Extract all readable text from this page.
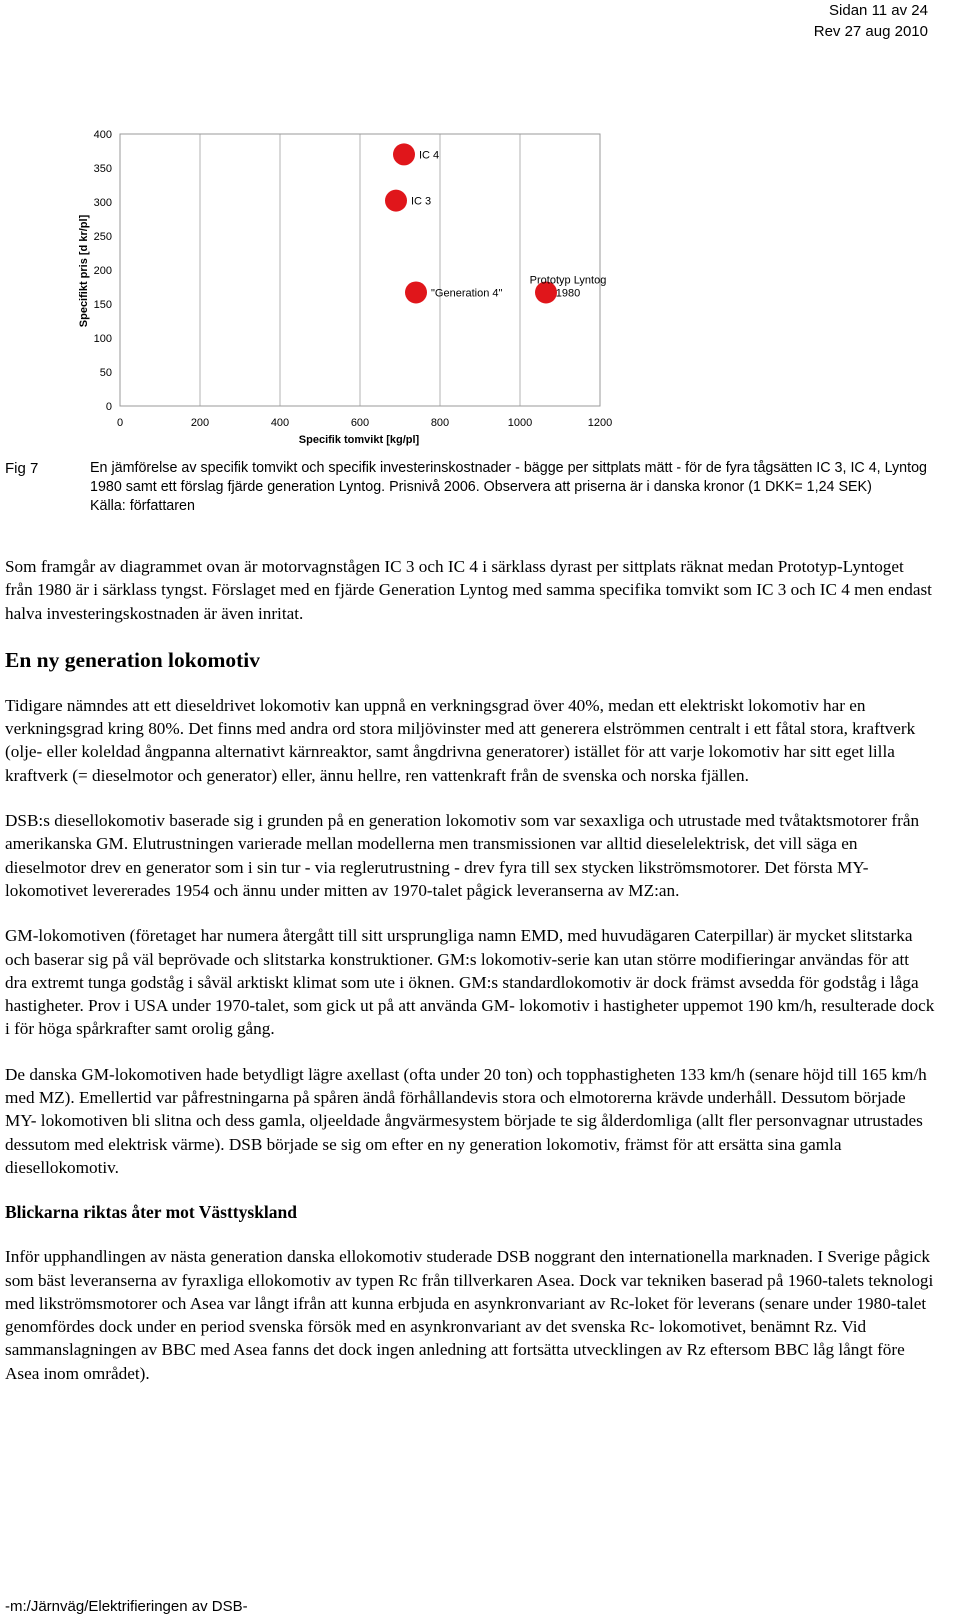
Sidan 11 av 24
Rev 27 aug 2010
0
50
100
150
200
250
300
350
400
0	200	400	600	800	1000	1200
Specifikt pris [d kr/pl]
Specifik tomvikt [kg/pl]
IC 4
IC 3
"Generation 4"
Prototyp Lyntog
1980
Fig 7	En jämförelse av specifik tomvikt och specifik investerinskostnader - bägge per sittplats mätt - för de fyra tågsätten IC 3, IC 4, Lyntog 1980 samt ett förslag fjärde generation Lyntog. Prisnivå 2006. Observera att priserna är i danska kronor (1 DKK= 1,24 SEK)

Källa: författaren

Som framgår av diagrammet ovan är motorvagnstågen IC 3 och IC 4 i särklass dyrast per sittplats räknat medan Prototyp-Lyntoget från 1980 är i särklass tyngst. Förslaget med en fjärde Generation Lyntog med samma specifika tomvikt som IC 3 och IC 4 men endast halva investeringskostnaden är även inritat.

En ny generation lokomotiv

Tidigare nämndes att ett dieseldrivet lokomotiv kan uppnå en verkningsgrad över 40%, medan ett elektriskt lokomotiv har en verkningsgrad kring 80%. Det finns med andra ord stora miljövinster med att generera elströmmen centralt i ett fåtal stora, kraftverk (olje- eller koleldad ångpanna alternativt kärnreaktor, samt ångdrivna generatorer) istället för att varje lokomotiv har sitt eget lilla kraftverk (= dieselmotor och generator) eller, ännu hellre, ren vattenkraft från de svenska och norska fjällen.

DSB:s diesellokomotiv baserade sig i grunden på en generation lokomotiv som var sexaxliga och utrustade med tvåtaktsmotorer från amerikanska GM. Elutrustningen varierade mellan modellerna men transmissionen var alltid dieselelektrisk, det vill säga en dieselmotor drev en generator som i sin tur - via reglerutrustning - drev fyra till sex stycken likströmsmotorer. Det första MY- lokomotivet levererades 1954 och ännu under mitten av 1970-talet pågick leveranserna av MZ:an.

GM-lokomotiven (företaget har numera återgått till sitt ursprungliga namn EMD, med huvudägaren Caterpillar) är mycket slitstarka och baserar sig på väl beprövade och slitstarka konstruktioner. GM:s lokomotiv-serie kan utan större modifieringar användas för att dra extremt tunga godståg i såväl arktiskt klimat som ute i öknen. GM:s standardlokomotiv är dock främst avsedda för godståg i låga hastigheter. Prov i USA under 1970-talet, som gick ut på att använda GM- lokomotiv i hastigheter uppemot 190 km/h, resulterade dock i för höga spårkrafter samt orolig gång.

De danska GM-lokomotiven hade betydligt lägre axellast (ofta under 20 ton) och topphastigheten 133 km/h (senare höjd till 165 km/h med MZ). Emellertid var påfrestningarna på spåren ändå förhållandevis stora och elmotorerna krävde underhåll. Dessutom började MY- lokomotiven bli slitna och dess gamla, oljeeldade ångvärmesystem började te sig ålderdomliga (allt fler personvagnar utrustades dessutom med elektrisk värme). DSB började se sig om efter en ny generation lokomotiv, främst för att ersätta sina gamla diesellokomotiv.

Blickarna riktas åter mot Västtyskland

Inför upphandlingen av nästa generation danska ellokomotiv studerade DSB noggrant den internationella marknaden. I Sverige pågick som bäst leveranserna av fyraxliga ellokomotiv av typen Rc från tillverkaren Asea. Dock var tekniken baserad på 1960-talets teknologi med likströmsmotorer och Asea var långt ifrån att kunna erbjuda en asynkronvariant av Rc-loket för leverans (senare under 1980-talet genomfördes dock under en period svenska försök med en asynkronvariant av det svenska Rc- lokomotivet, benämnt Rz. Vid sammanslagningen av BBC med Asea fanns det dock ingen anledning att fortsätta utvecklingen av Rz eftersom BBC låg långt före Asea inom området).

-m:/Järnväg/Elektrifieringen av DSB-
